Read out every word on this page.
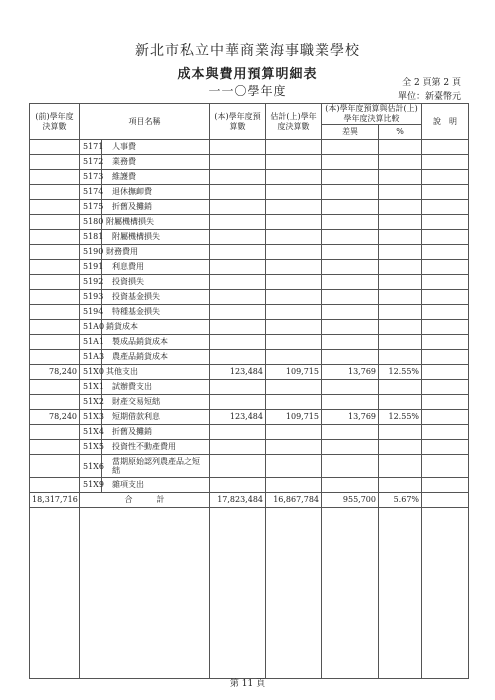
新北市私立中華商業海事職業學校
成本與費用預算明細表
一一〇學年度
全 2 頁第 2 頁
單位：新臺幣元
(前)學年度決算數	項目名稱		(本)學年度預算數	估計(上)學年度決算數	(本)學年度預算與估計(上)學年度決算比較		說　明
					差異	%	
	5171	人事費					
	5172	業務費					
	5173	維護費					
	5174	退休撫卹費					
	5175	折舊及攤銷					
	5180	附屬機構損失					
	5181	附屬機構損失					
	5190	財務費用					
	5191	利息費用					
	5192	投資損失					
	5193	投資基金損失					
	5194	特種基金損失					
	51A0	銷貨成本					
	51A1	製成品銷貨成本					
	51A3	農產品銷貨成本					
78,240	51X0	其他支出	123,484	109,715	13,769	12.55%	
	51X1	試辦費支出					
	51X2	財產交易短絀					
78,240	51X3	短期借款利息	123,484	109,715	13,769	12.55%	
	51X4	折舊及攤銷					
	51X5	投資性不動產費用					
	51X6	當期原始認列農產品之短絀					
	51X9	雜項支出					
18,317,716	合　　　計		17,823,484	16,867,784	955,700	5.67%	

第 11 頁
